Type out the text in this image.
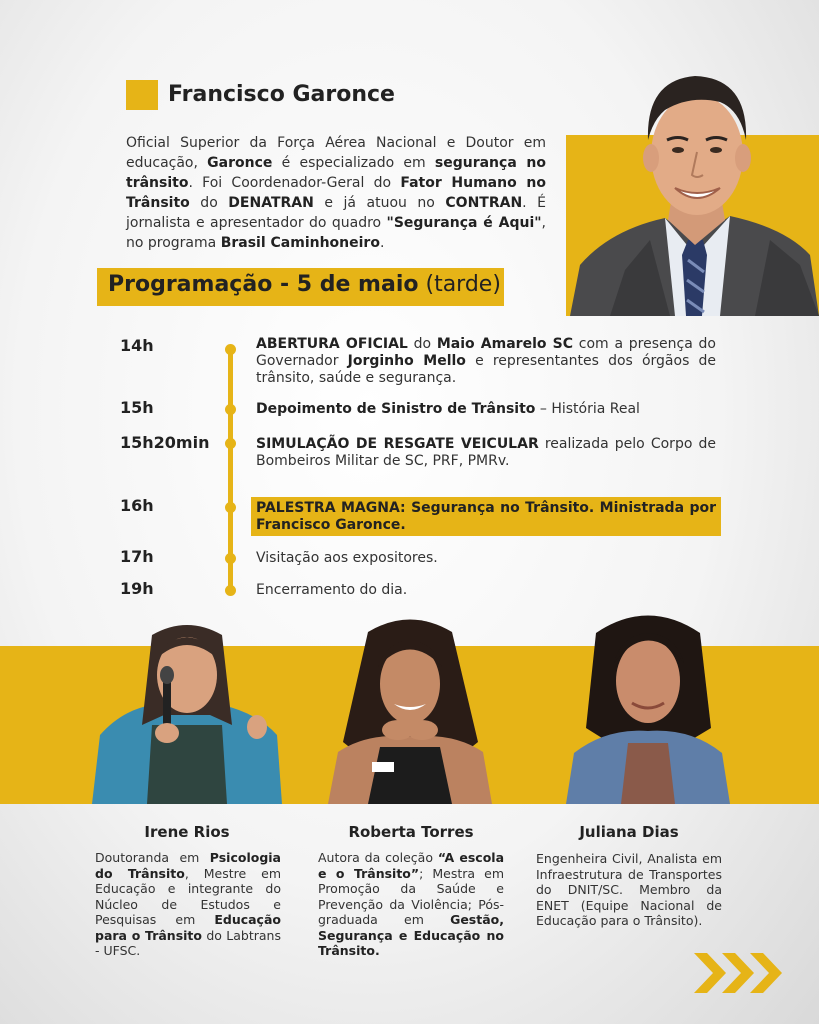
Francisco Garonce
Oficial Superior da Força Aérea Nacional e Doutor em educação, Garonce é especializado em segurança no trânsito. Foi Coordenador-Geral do Fator Humano no Trânsito do DENATRAN e já atuou no CONTRAN. É jornalista e apresentador do quadro "Segurança é Aqui", no programa Brasil Caminhoneiro.
Programação - 5 de maio (tarde)
14h	ABERTURA OFICIAL do Maio Amarelo SC com a presença do Governador Jorginho Mello e representantes dos órgãos de trânsito, saúde e segurança.
15h	Depoimento de Sinistro de Trânsito – História Real
15h20min	SIMULAÇÃO DE RESGATE VEICULAR realizada pelo Corpo de Bombeiros Militar de SC, PRF, PMRv.
16h	PALESTRA MAGNA: Segurança no Trânsito. Ministrada por Francisco Garonce.
17h	Visitação aos expositores.
19h	Encerramento do dia.
Irene Rios
Doutoranda em Psicologia do Trânsito, Mestre em Educação e integrante do Núcleo de Estudos e Pesquisas em Educação para o Trânsito do Labtrans - UFSC.
Roberta Torres
Autora da coleção “A escola e o Trânsito”; Mestra em Promoção da Saúde e Prevenção da Violência; Pós-graduada em Gestão, Segurança e Educação no Trânsito.
Juliana Dias
Engenheira Civil, Analista em Infraestrutura de Transportes do DNIT/SC. Membro da ENET (Equipe Nacional de Educação para o Trânsito).
